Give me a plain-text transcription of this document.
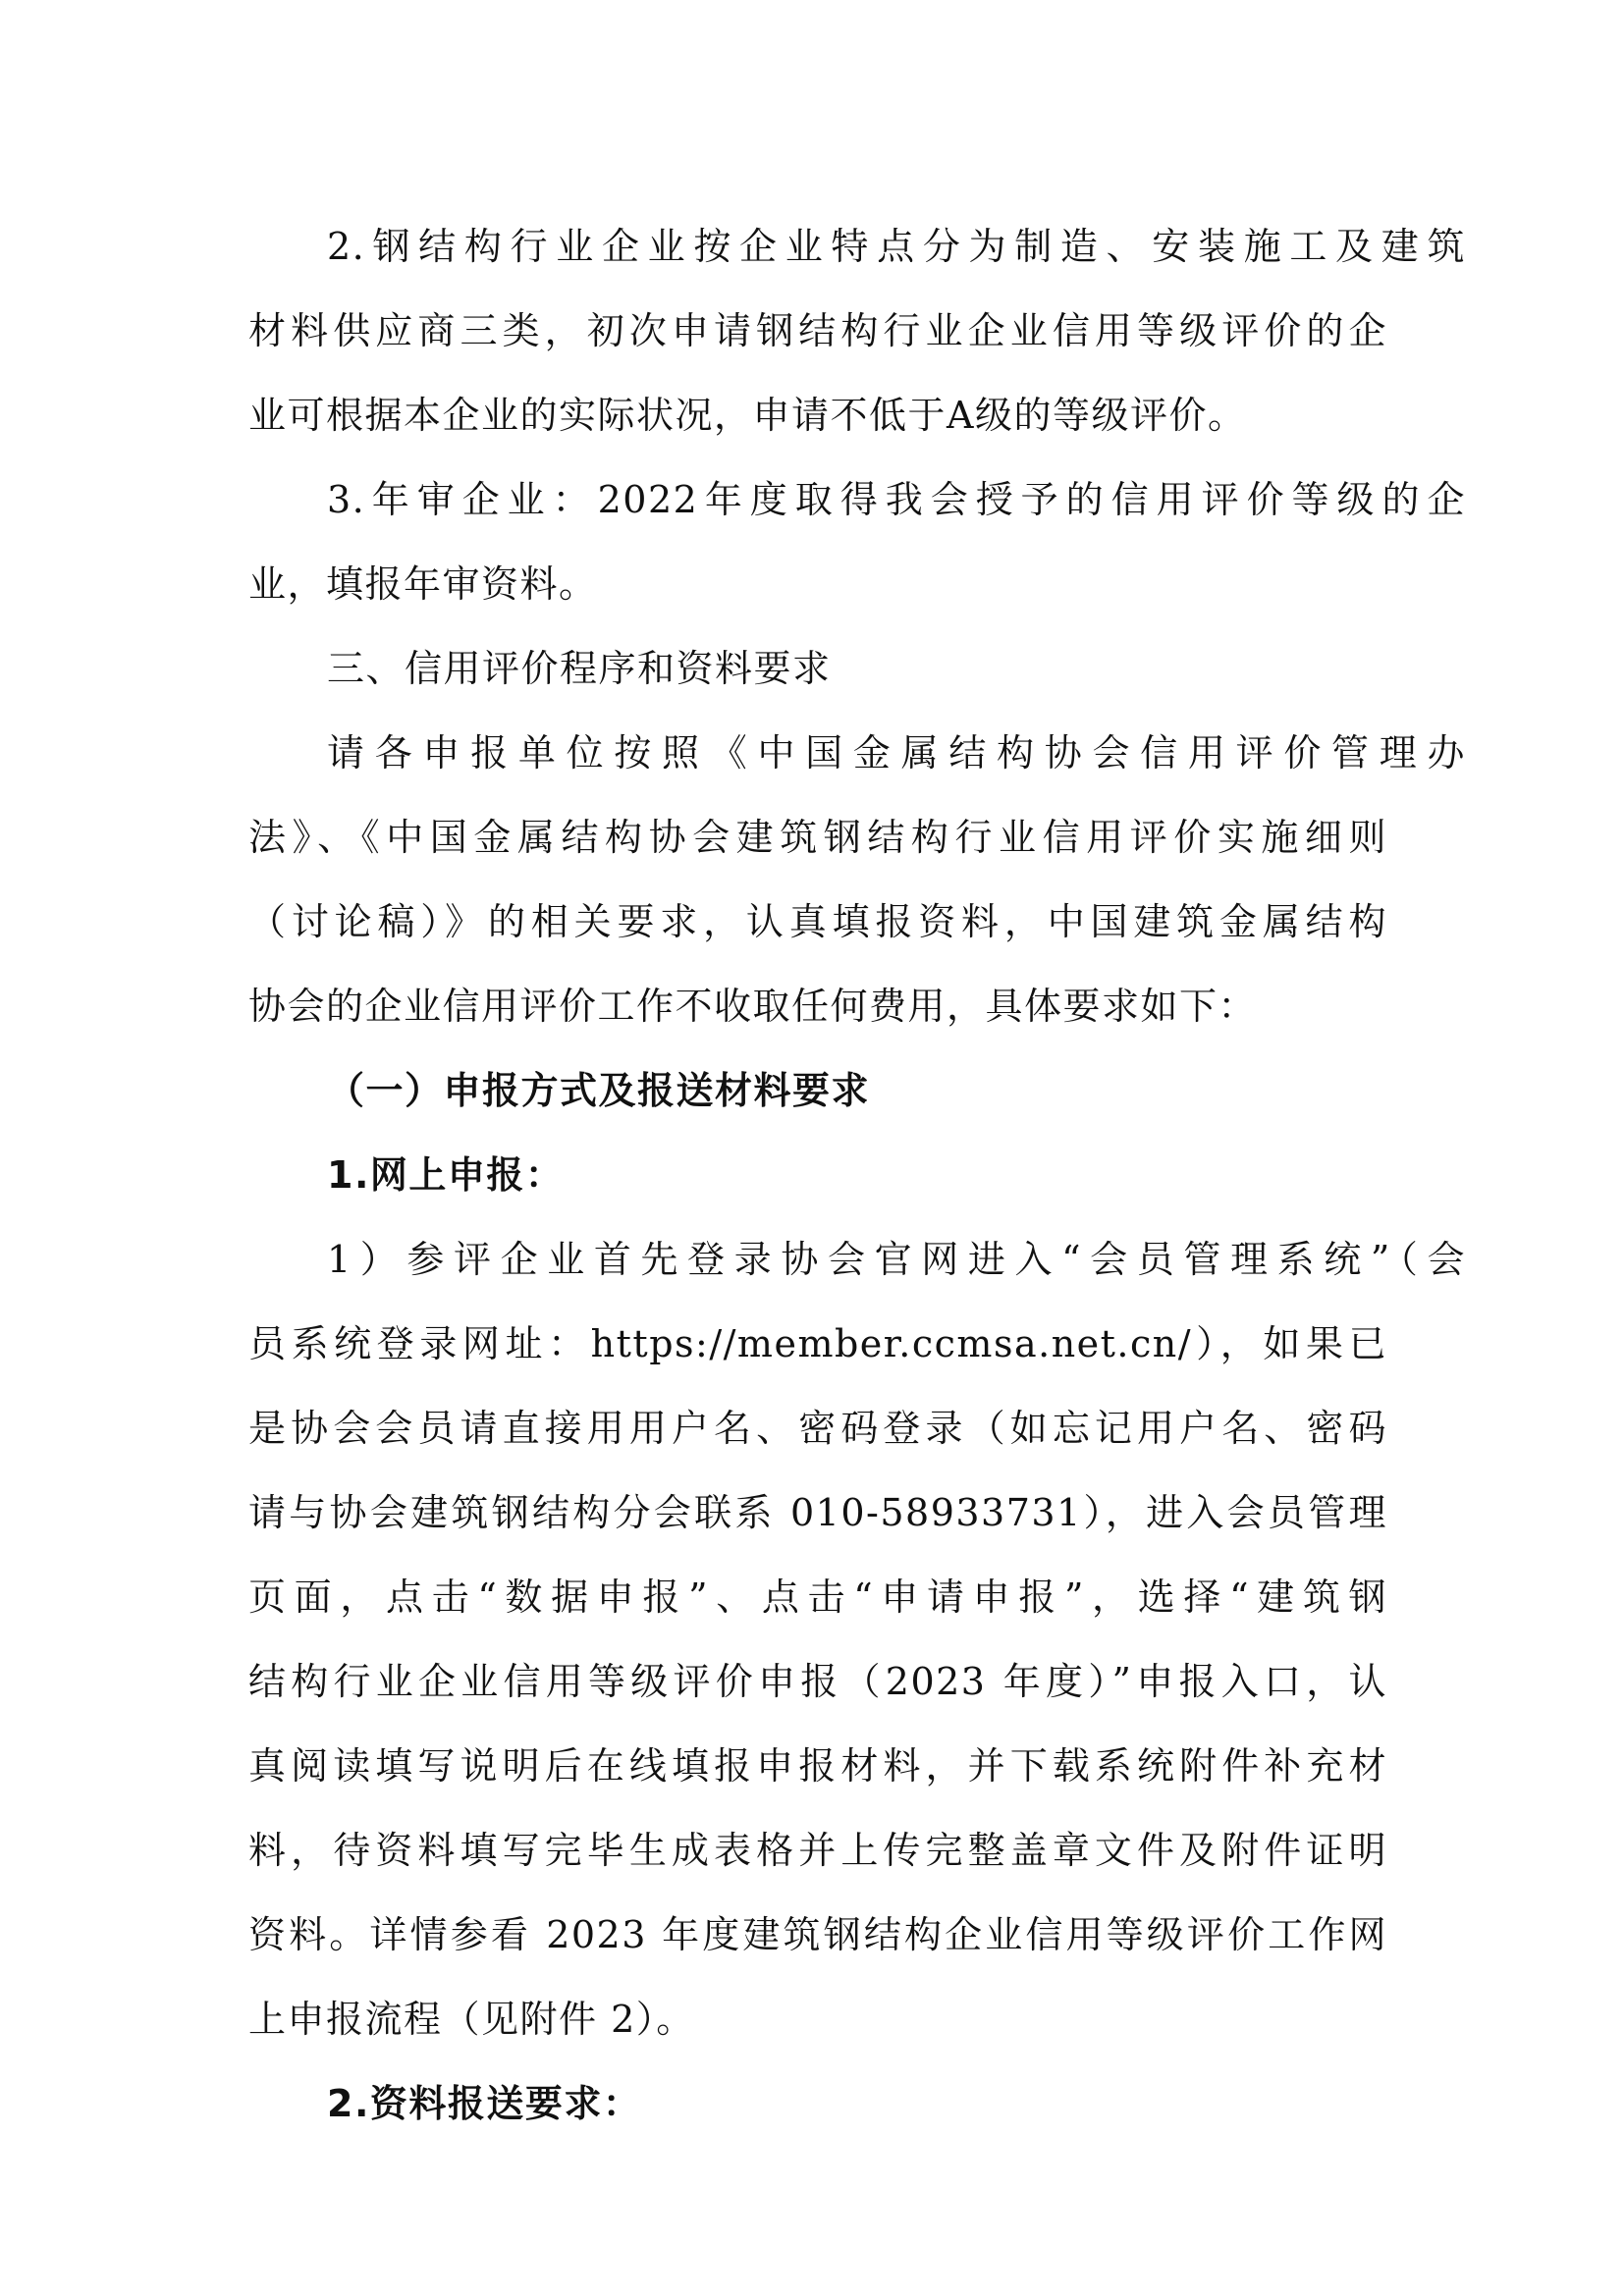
2.钢结构行业企业按企业特点分为制造、安装施工及建筑
材料供应商三类，初次申请钢结构行业企业信用等级评价的企
业可根据本企业的实际状况，申请不低于A级的等级评价。
3.年审企业：2022年度取得我会授予的信用评价等级的企
业，填报年审资料。
三、信用评价程序和资料要求
请各申报单位按照《中国金属结构协会信用评价管理办
法》、《中国金属结构协会建筑钢结构行业信用评价实施细则
（讨论稿）》的相关要求，认真填报资料，中国建筑金属结构
协会的企业信用评价工作不收取任何费用，具体要求如下：
（一）申报方式及报送材料要求
1.网上申报：
1）参评企业首先登录协会官网进入“会员管理系统”（会
员系统登录网址：https://member.ccmsa.net.cn/），如果已
是协会会员请直接用用户名、密码登录（如忘记用户名、密码
请与协会建筑钢结构分会联系 010-58933731），进入会员管理
页面，点击“数据申报”、点击“申请申报”，选择“建筑钢
结构行业企业信用等级评价申报（2023 年度）”申报入口，认
真阅读填写说明后在线填报申报材料，并下载系统附件补充材
料，待资料填写完毕生成表格并上传完整盖章文件及附件证明
资料。详情参看 2023 年度建筑钢结构企业信用等级评价工作网
上申报流程（见附件 2）。
2.资料报送要求：
